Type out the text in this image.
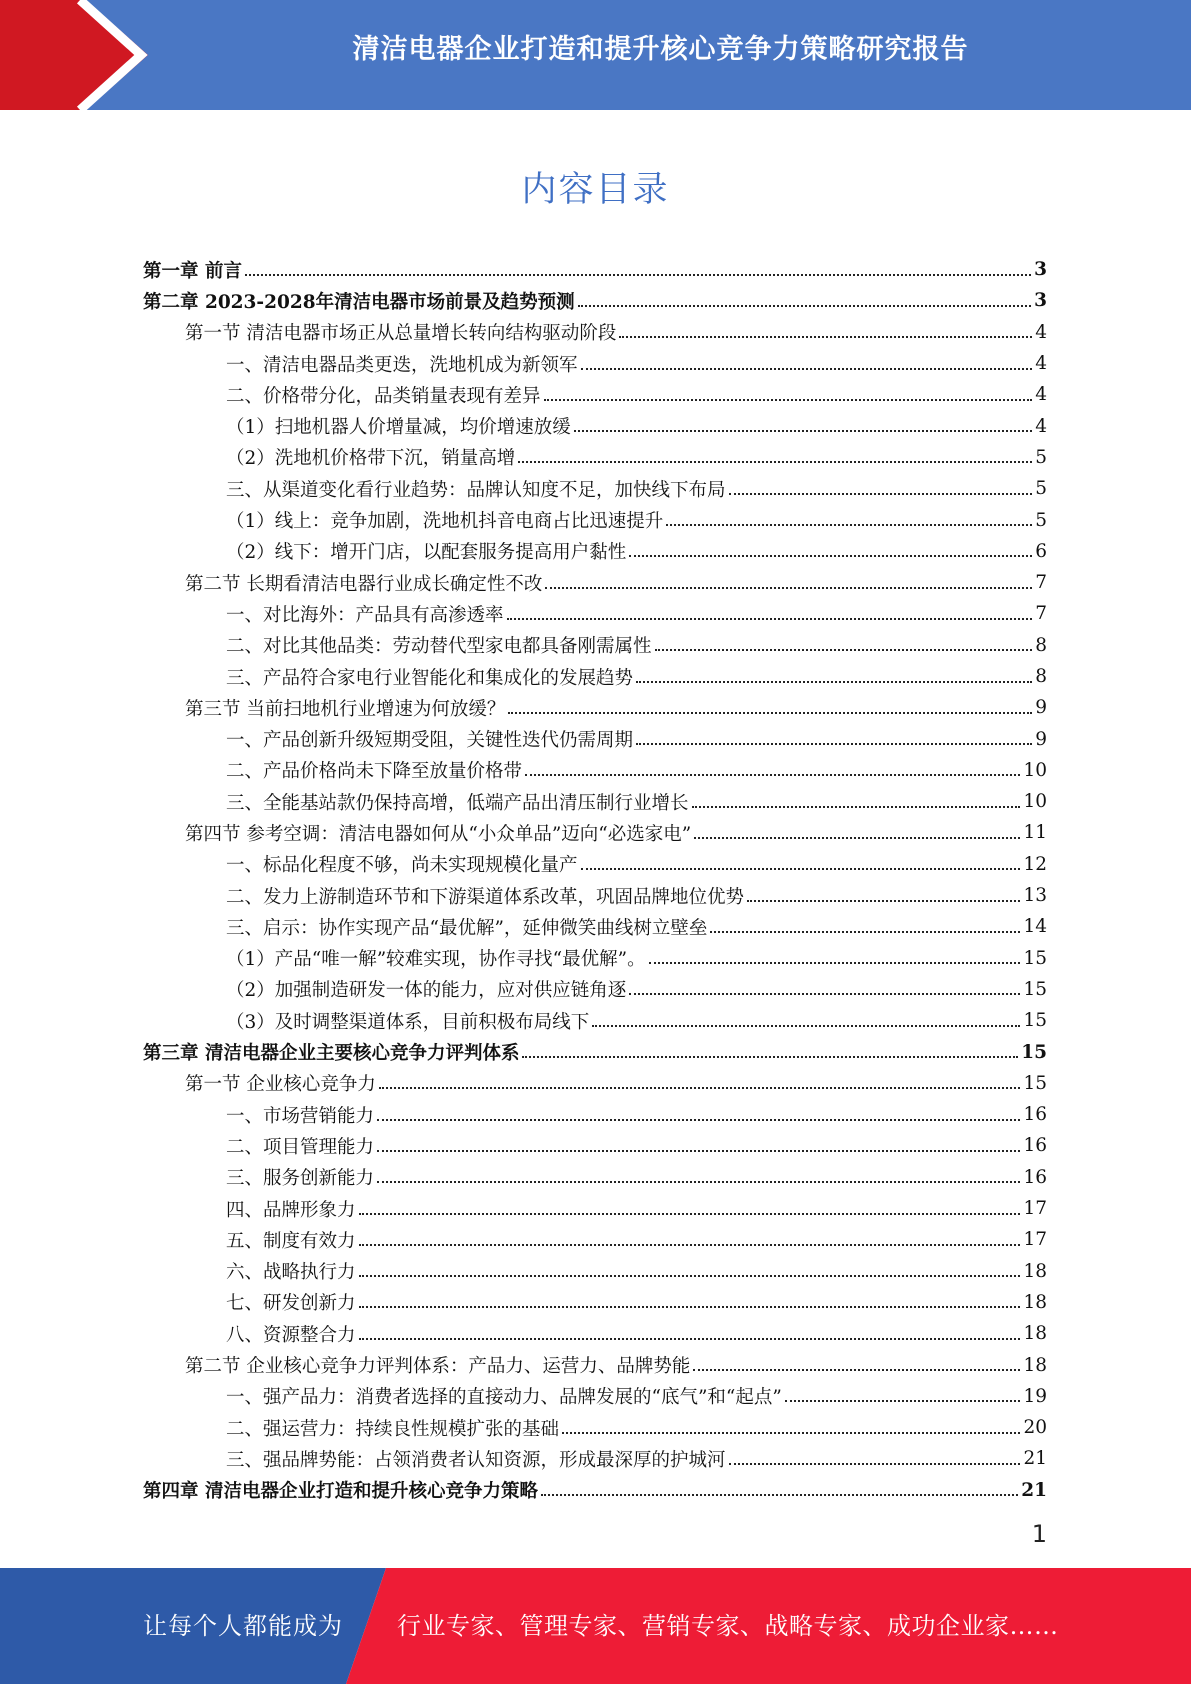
清洁电器企业打造和提升核心竞争力策略研究报告
内容目录
第一章 前言	3
第二章 2023-2028年清洁电器市场前景及趋势预测	3
第一节 清洁电器市场正从总量增长转向结构驱动阶段	4
一、清洁电器品类更迭，洗地机成为新领军	4
二、价格带分化，品类销量表现有差异	4
（1）扫地机器人价增量减，均价增速放缓	4
（2）洗地机价格带下沉，销量高增	5
三、从渠道变化看行业趋势：品牌认知度不足，加快线下布局	5
（1）线上：竞争加剧，洗地机抖音电商占比迅速提升	5
（2）线下：增开门店，以配套服务提高用户黏性	6
第二节 长期看清洁电器行业成长确定性不改	7
一、对比海外：产品具有高渗透率	7
二、对比其他品类：劳动替代型家电都具备刚需属性	8
三、产品符合家电行业智能化和集成化的发展趋势	8
第三节 当前扫地机行业增速为何放缓？	9
一、产品创新升级短期受阻，关键性迭代仍需周期	9
二、产品价格尚未下降至放量价格带	10
三、全能基站款仍保持高增，低端产品出清压制行业增长	10
第四节 参考空调：清洁电器如何从“小众单品”迈向“必选家电”	11
一、标品化程度不够，尚未实现规模化量产	12
二、发力上游制造环节和下游渠道体系改革，巩固品牌地位优势	13
三、启示：协作实现产品“最优解”，延伸微笑曲线树立壁垒	14
（1）产品“唯一解”较难实现，协作寻找“最优解”。	15
（2）加强制造研发一体的能力，应对供应链角逐	15
（3）及时调整渠道体系，目前积极布局线下	15
第三章 清洁电器企业主要核心竞争力评判体系	15
第一节 企业核心竞争力	15
一、市场营销能力	16
二、项目管理能力	16
三、服务创新能力	16
四、品牌形象力	17
五、制度有效力	17
六、战略执行力	18
七、研发创新力	18
八、资源整合力	18
第二节 企业核心竞争力评判体系：产品力、运营力、品牌势能	18
一、强产品力：消费者选择的直接动力、品牌发展的“底气”和“起点”	19
二、强运营力：持续良性规模扩张的基础	20
三、强品牌势能：占领消费者认知资源，形成最深厚的护城河	21
第四章 清洁电器企业打造和提升核心竞争力策略	21
1
让每个人都能成为 行业专家、管理专家、营销专家、战略专家、成功企业家……
